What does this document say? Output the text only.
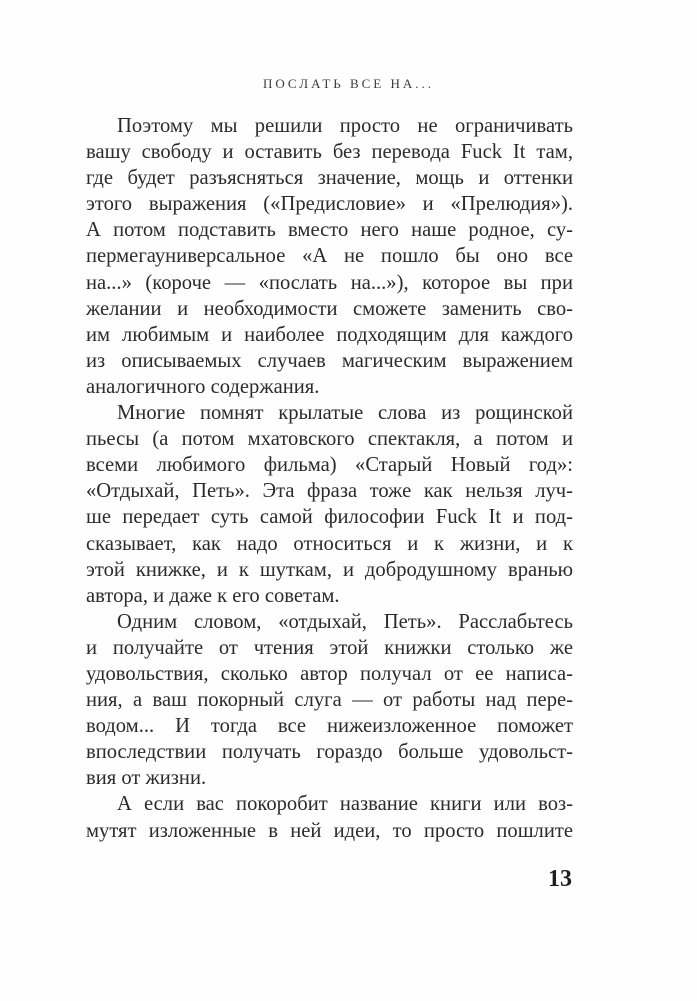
ПОСЛАТЬ ВСЕ НА...
Поэтому мы решили просто не ограничивать
вашу свободу и оставить без перевода Fuck It там,
где будет разъясняться значение, мощь и оттенки
этого выражения («Предисловие» и «Прелюдия»).
А потом подставить вместо него наше родное, су-
пермегауниверсальное «А не пошло бы оно все
на...» (короче — «послать на...»), которое вы при
желании и необходимости сможете заменить сво-
им любимым и наиболее подходящим для каждого
из описываемых случаев магическим выражением
аналогичного содержания.
Многие помнят крылатые слова из рощинской
пьесы (а потом мхатовского спектакля, а потом и
всеми любимого фильма) «Старый Новый год»:
«Отдыхай, Петь». Эта фраза тоже как нельзя луч-
ше передает суть самой философии Fuck It и под-
сказывает, как надо относиться и к жизни, и к
этой книжке, и к шуткам, и добродушному вранью
автора, и даже к его советам.
Одним словом, «отдыхай, Петь». Расслабьтесь
и получайте от чтения этой книжки столько же
удовольствия, сколько автор получал от ее написа-
ния, а ваш покорный слуга — от работы над пере-
водом... И тогда все нижеизложенное поможет
впоследствии получать гораздо больше удовольст-
вия от жизни.
А если вас покоробит название книги или воз-
мутят изложенные в ней идеи, то просто пошлите
13
